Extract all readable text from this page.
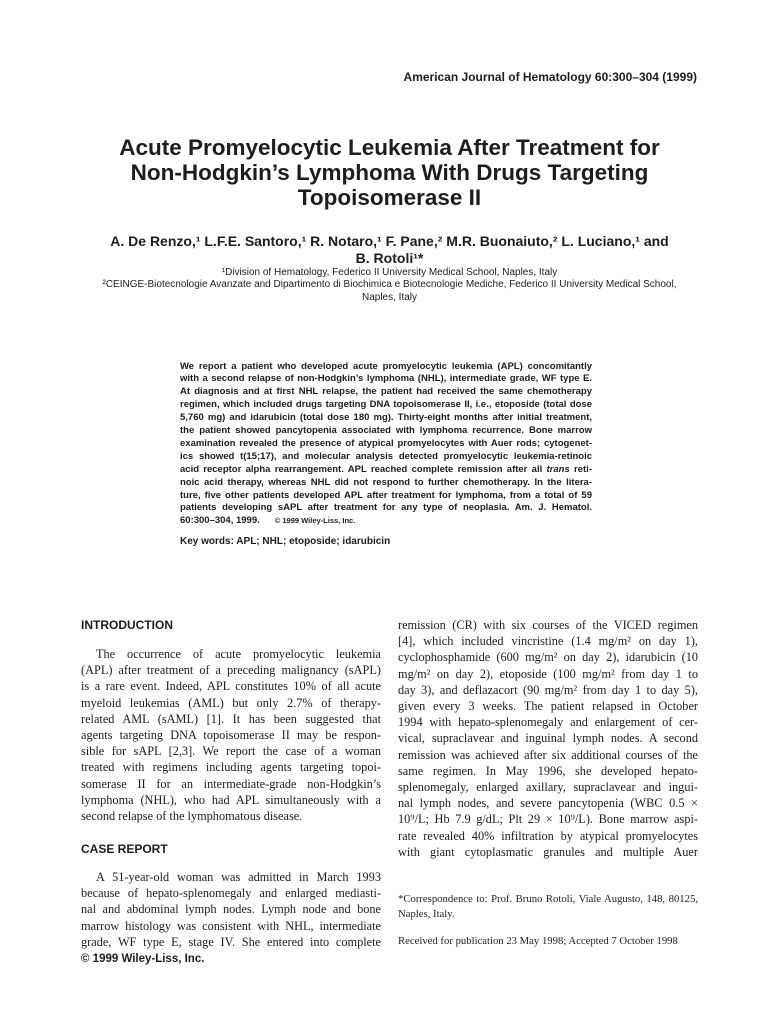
American Journal of Hematology 60:300–304 (1999)
Acute Promyelocytic Leukemia After Treatment for
Non-Hodgkin’s Lymphoma With Drugs Targeting
Topoisomerase II
A. De Renzo,¹ L.F.E. Santoro,¹ R. Notaro,¹ F. Pane,² M.R. Buonaiuto,² L. Luciano,¹ and
B. Rotoli¹*
¹Division of Hematology, Federico II University Medical School, Naples, Italy
²CEINGE-Biotecnologie Avanzate and Dipartimento di Biochimica e Biotecnologie Mediche, Federico II University Medical School,
Naples, Italy
We report a patient who developed acute promyelocytic leukemia (APL) concomitantly
with a second relapse of non-Hodgkin’s lymphoma (NHL), intermediate grade, WF type E.
At diagnosis and at first NHL relapse, the patient had received the same chemotherapy
regimen, which included drugs targeting DNA topoisomerase II, i.e., etoposide (total dose
5,760 mg) and idarubicin (total dose 180 mg). Thirty-eight months after initial treatment,
the patient showed pancytopenia associated with lymphoma recurrence. Bone marrow
examination revealed the presence of atypical promyelocytes with Auer rods; cytogenet-
ics showed t(15;17), and molecular analysis detected promyelocytic leukemia-retinoic
acid receptor alpha rearrangement. APL reached complete remission after all trans reti-
noic acid therapy, whereas NHL did not respond to further chemotherapy. In the litera-
ture, five other patients developed APL after treatment for lymphoma, from a total of 59
patients developing sAPL after treatment for any type of neoplasia. Am. J. Hematol.
60:300–304, 1999. © 1999 Wiley-Liss, Inc.
Key words: APL; NHL; etoposide; idarubicin
INTRODUCTION
The occurrence of acute promyelocytic leukemia
(APL) after treatment of a preceding malignancy (sAPL)
is a rare event. Indeed, APL constitutes 10% of all acute
myeloid leukemias (AML) but only 2.7% of therapy-
related AML (sAML) [1]. It has been suggested that
agents targeting DNA topoisomerase II may be respon-
sible for sAPL [2,3]. We report the case of a woman
treated with regimens including agents targeting topoi-
somerase II for an intermediate-grade non-Hodgkin’s
lymphoma (NHL), who had APL simultaneously with a
second relapse of the lymphomatous disease.
CASE REPORT
A 51-year-old woman was admitted in March 1993
because of hepato-splenomegaly and enlarged mediasti-
nal and abdominal lymph nodes. Lymph node and bone
marrow histology was consistent with NHL, intermediate
grade, WF type E, stage IV. She entered into complete
© 1999 Wiley-Liss, Inc.
remission (CR) with six courses of the VICED regimen
[4], which included vincristine (1.4 mg/m² on day 1),
cyclophosphamide (600 mg/m² on day 2), idarubicin (10
mg/m² on day 2), etoposide (100 mg/m² from day 1 to
day 3), and deflazacort (90 mg/m² from day 1 to day 5),
given every 3 weeks. The patient relapsed in October
1994 with hepato-splenomegaly and enlargement of cer-
vical, supraclavear and inguinal lymph nodes. A second
remission was achieved after six additional courses of the
same regimen. In May 1996, she developed hepato-
splenomegaly, enlarged axillary, supraclavear and ingui-
nal lymph nodes, and severe pancytopenia (WBC 0.5 ×
10⁹/L; Hb 7.9 g/dL; Plt 29 × 10⁹/L). Bone marrow aspi-
rate revealed 40% infiltration by atypical promyelocytes
with giant cytoplasmatic granules and multiple Auer
*Correspondence to: Prof. Bruno Rotoli, Viale Augusto, 148, 80125,
Naples, Italy.
Received for publication 23 May 1998; Accepted 7 October 1998
